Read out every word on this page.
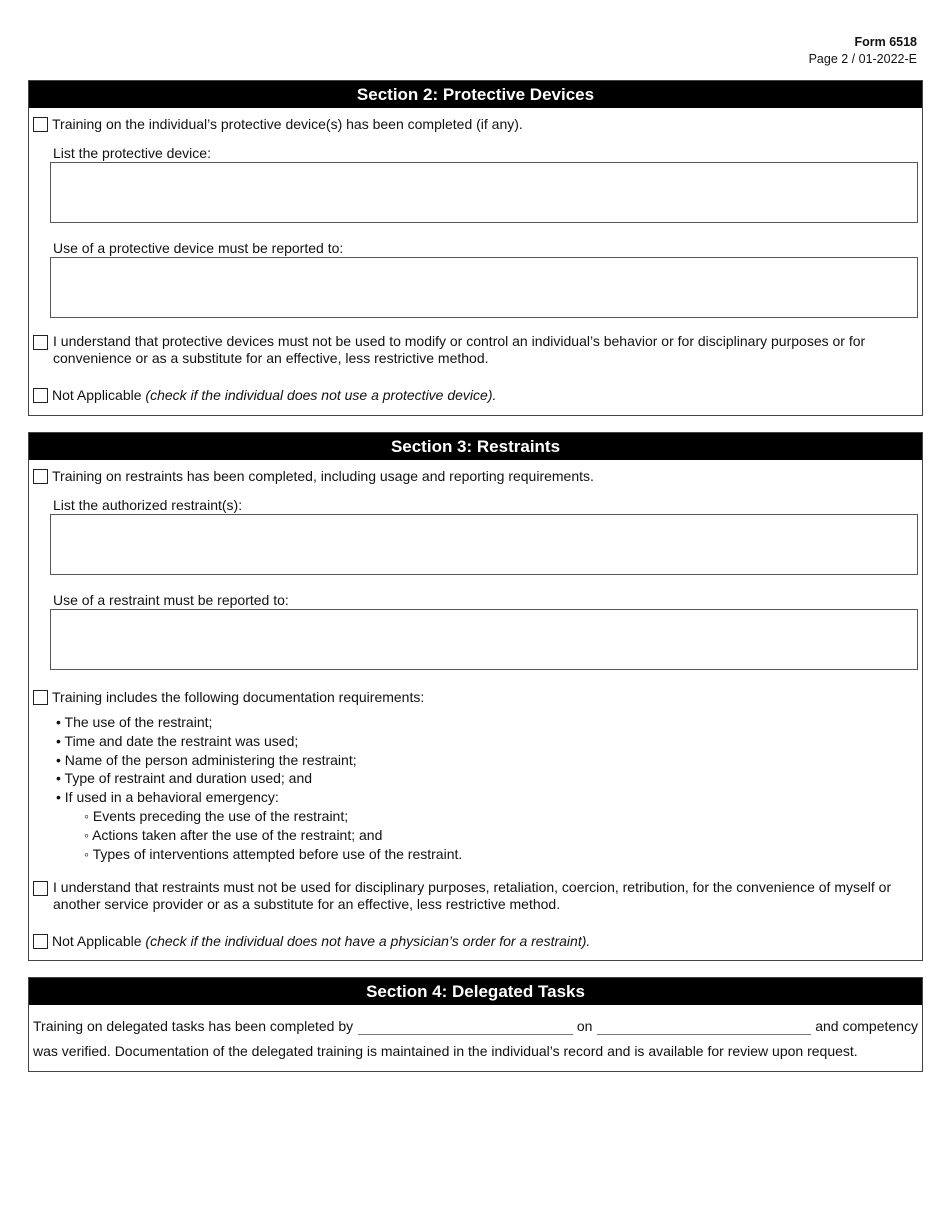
Form 6518
Page 2 / 01-2022-E
Section 2: Protective Devices
Training on the individual’s protective device(s) has been completed (if any).
List the protective device:
Use of a protective device must be reported to:
I understand that protective devices must not be used to modify or control an individual’s behavior or for disciplinary purposes or for convenience or as a substitute for an effective, less restrictive method.
Not Applicable
(check if the individual does not use a protective device).
Section 3: Restraints
Training on restraints has been completed, including usage and reporting requirements.
List the authorized restraint(s):
Use of a restraint must be reported to:
Training includes the following documentation requirements:
• The use of the restraint;
• Time and date the restraint was used;
• Name of the person administering the restraint;
• Type of restraint and duration used; and
• If used in a behavioral emergency:
◦ Events preceding the use of the restraint;
◦ Actions taken after the use of the restraint; and
◦ Types of interventions attempted before use of the restraint.
I understand that restraints must not be used for disciplinary purposes, retaliation, coercion, retribution, for the convenience of myself or another service provider or as a substitute for an effective, less restrictive method.
Not Applicable
(check if the individual does not have a physician’s order for a restraint).
Section 4: Delegated Tasks
Training on delegated tasks has been completed by	on	and competency
was verified. Documentation of the delegated training is maintained in the individual’s record and is available for review upon request.
